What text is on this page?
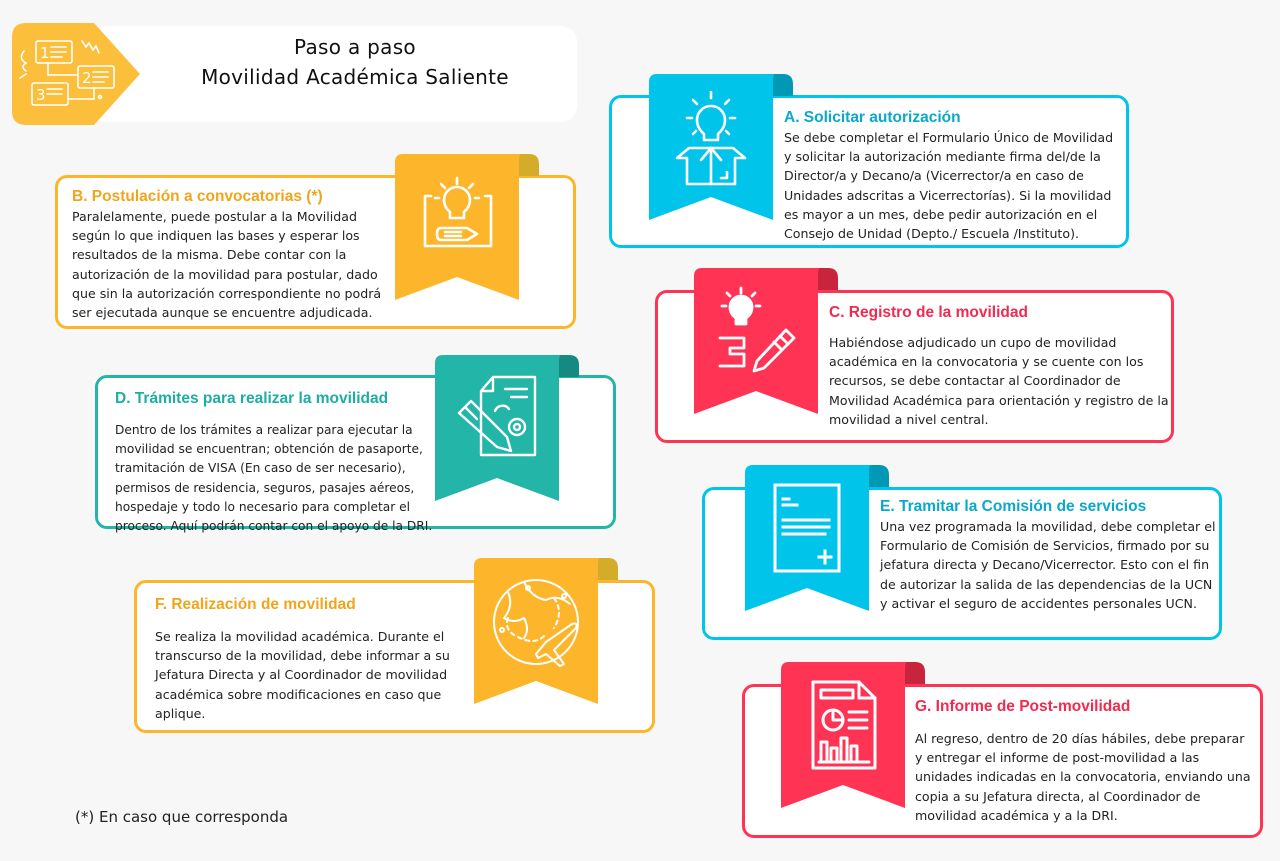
1
2
3
Paso a paso
Movilidad Académica Saliente

A. Solicitar autorización

Se debe completar el Formulario Único de Movilidad y solicitar la autorización mediante firma del/de la Director/a y Decano/a (Vicerrector/a en caso de Unidades adscritas a Vicerrectorías). Si la movilidad es mayor a un mes, debe pedir autorización en el Consejo de Unidad (Depto./ Escuela /Instituto).

B. Postulación a convocatorias (*)

Paralelamente, puede postular a la Movilidad según lo que indiquen las bases y esperar los resultados de la misma. Debe contar con la autorización de la movilidad para postular, dado que sin la autorización correspondiente no podrá ser ejecutada aunque se encuentre adjudicada.	C. Registro de la movilidad

Habiéndose adjudicado un cupo de movilidad académica en la convocatoria y se cuente con los recursos, se debe contactar al Coordinador de Movilidad Académica para orientación y registro de la movilidad a nivel central.

D. Trámites para realizar la movilidad

Dentro de los trámites a realizar para ejecutar la movilidad se encuentran; obtención de pasaporte, tramitación de VISA (En caso de ser necesario), permisos de residencia, seguros, pasajes aéreos, hospedaje y todo lo necesario para completar el proceso. Aquí podrán contar con el apoyo de la DRI.

E. Tramitar la Comisión de servicios

Una vez programada la movilidad, debe completar el Formulario de Comisión de Servicios, firmado por su jefatura directa y Decano/Vicerrector. Esto con el fin de autorizar la salida de las dependencias de la UCN y activar el seguro de accidentes personales UCN.

F. Realización de movilidad

Se realiza la movilidad académica. Durante el transcurso de la movilidad, debe informar a su Jefatura Directa y al Coordinador de movilidad académica sobre modificaciones en caso que aplique.	G. Informe de Post-movilidad

Al regreso, dentro de 20 días hábiles, debe preparar y entregar el informe de post-movilidad a las unidades indicadas en la convocatoria, enviando una copia a su Jefatura directa, al Coordinador de movilidad académica y a la DRI.

(*) En caso que corresponda
